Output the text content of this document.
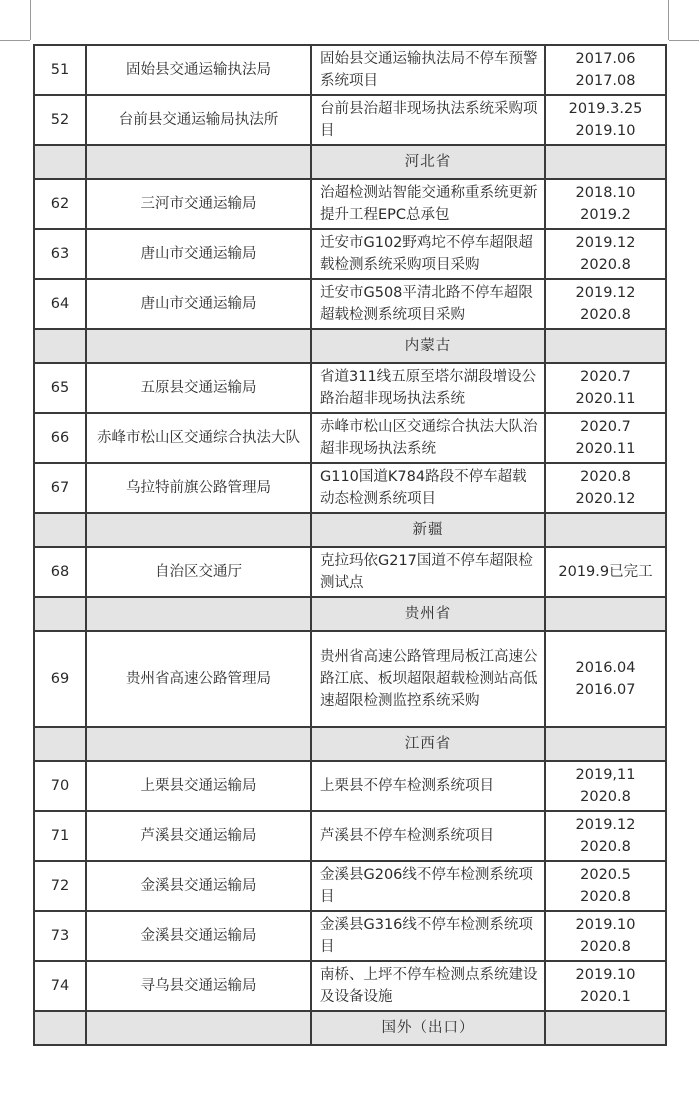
51	固始县交通运输执法局	固始县交通运输执法局不停车预警系统项目	2017.06
2017.08

52	台前县交通运输局执法所	台前县治超非现场执法系统采购项目	2019.3.25
2019.10

		河北省	
62	三河市交通运输局	治超检测站智能交通称重系统更新提升工程EPC总承包	2018.10
2019.2

63	唐山市交通运输局	迁安市G102野鸡坨不停车超限超载检测系统采购项目采购	2019.12
2020.8

64	唐山市交通运输局	迁安市G508平清北路不停车超限超载检测系统项目采购	2019.12
2020.8

		内蒙古	
65	五原县交通运输局	省道311线五原至塔尔湖段增设公路治超非现场执法系统	2020.7
2020.11

66	赤峰市松山区交通综合执法大队	赤峰市松山区交通综合执法大队治超非现场执法系统	2020.7
2020.11

67	乌拉特前旗公路管理局	G110国道K784路段不停车超载动态检测系统项目	2020.8
2020.12

		新疆	
68	自治区交通厅	克拉玛依G217国道不停车超限检测试点	2019.9已完工

		贵州省	
69	贵州省高速公路管理局	贵州省高速公路管理局板江高速公路江底、板坝超限超载检测站高低速超限检测监控系统采购	2016.04
2016.07

		江西省	
70	上栗县交通运输局	上栗县不停车检测系统项目	2019,11
2020.8

71	芦溪县交通运输局	芦溪县不停车检测系统项目	2019.12
2020.8

72	金溪县交通运输局	金溪县G206线不停车检测系统项目	2020.5
2020.8

73	金溪县交通运输局	金溪县G316线不停车检测系统项目	2019.10
2020.8

74	寻乌县交通运输局	南桥、上坪不停车检测点系统建设及设备设施	2019.10
2020.1

		国外（出口）	
